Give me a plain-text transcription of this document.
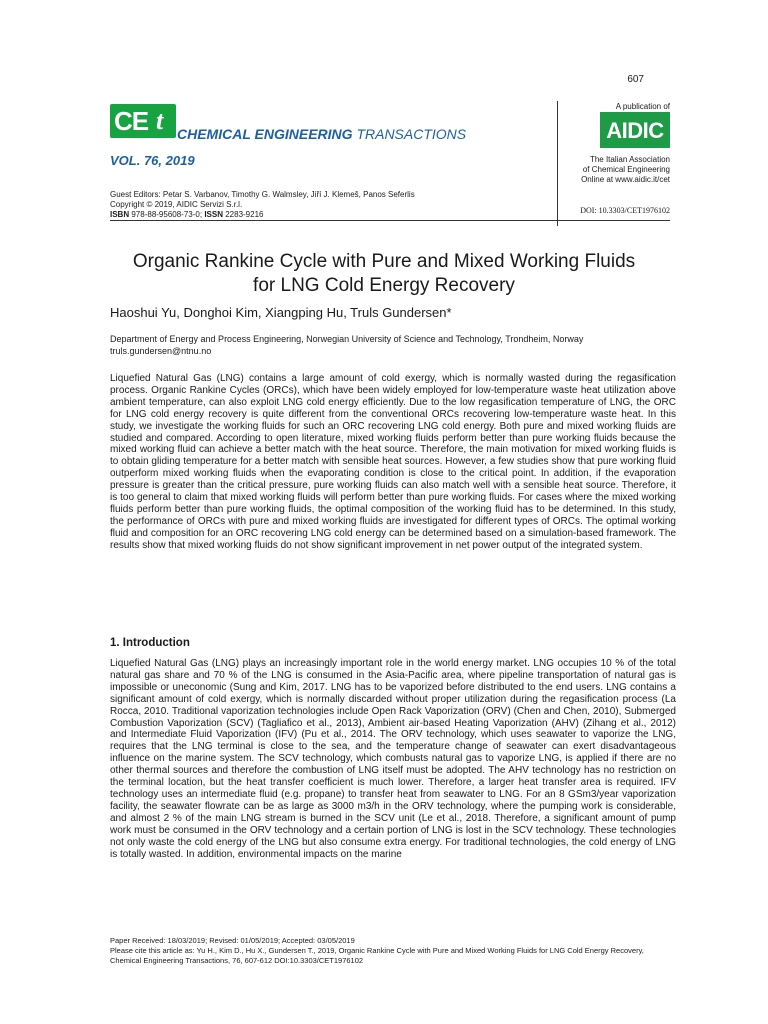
607
CE t CHEMICAL ENGINEERING TRANSACTIONS
VOL. 76, 2019
A publication of
AIDIC
The Italian Association
of Chemical Engineering
Online at www.aidic.it/cet
Guest Editors: Petar S. Varbanov, Timothy G. Walmsley, Jiří J. Klemeš, Panos Seferlis
Copyright © 2019, AIDIC Servizi S.r.l.
ISBN 978-88-95608-73-0; ISSN 2283-9216	DOI: 10.3303/CET1976102
Organic Rankine Cycle with Pure and Mixed Working Fluids
for LNG Cold Energy Recovery
Haoshui Yu, Donghoi Kim, Xiangping Hu, Truls Gundersen*
Department of Energy and Process Engineering, Norwegian University of Science and Technology, Trondheim, Norway
truls.gundersen@ntnu.no
Liquefied Natural Gas (LNG) contains a large amount of cold exergy, which is normally wasted during the regasification process. Organic Rankine Cycles (ORCs), which have been widely employed for low-temperature waste heat utilization above ambient temperature, can also exploit LNG cold energy efficiently. Due to the low regasification temperature of LNG, the ORC for LNG cold energy recovery is quite different from the conventional ORCs recovering low-temperature waste heat. In this study, we investigate the working fluids for such an ORC recovering LNG cold energy. Both pure and mixed working fluids are studied and compared. According to open literature, mixed working fluids perform better than pure working fluids because the mixed working fluid can achieve a better match with the heat source. Therefore, the main motivation for mixed working fluids is to obtain gliding temperature for a better match with sensible heat sources. However, a few studies show that pure working fluid outperform mixed working fluids when the evaporating condition is close to the critical point. In addition, if the evaporation pressure is greater than the critical pressure, pure working fluids can also match well with a sensible heat source. Therefore, it is too general to claim that mixed working fluids will perform better than pure working fluids. For cases where the mixed working fluids perform better than pure working fluids, the optimal composition of the working fluid has to be determined. In this study, the performance of ORCs with pure and mixed working fluids are investigated for different types of ORCs. The optimal working fluid and composition for an ORC recovering LNG cold energy can be determined based on a simulation-based framework. The results show that mixed working fluids do not show significant improvement in net power output of the integrated system.
1. Introduction
Liquefied Natural Gas (LNG) plays an increasingly important role in the world energy market. LNG occupies 10 % of the total natural gas share and 70 % of the LNG is consumed in the Asia-Pacific area, where pipeline transportation of natural gas is impossible or uneconomic (Sung and Kim, 2017. LNG has to be vaporized before distributed to the end users. LNG contains a significant amount of cold exergy, which is normally discarded without proper utilization during the regasification process (La Rocca, 2010. Traditional vaporization technologies include Open Rack Vaporization (ORV) (Chen and Chen, 2010), Submerged Combustion Vaporization (SCV) (Tagliafico et al., 2013), Ambient air-based Heating Vaporization (AHV) (Zihang et al., 2012) and Intermediate Fluid Vaporization (IFV) (Pu et al., 2014. The ORV technology, which uses seawater to vaporize the LNG, requires that the LNG terminal is close to the sea, and the temperature change of seawater can exert disadvantageous influence on the marine system. The SCV technology, which combusts natural gas to vaporize LNG, is applied if there are no other thermal sources and therefore the combustion of LNG itself must be adopted. The AHV technology has no restriction on the terminal location, but the heat transfer coefficient is much lower. Therefore, a larger heat transfer area is required. IFV technology uses an intermediate fluid (e.g. propane) to transfer heat from seawater to LNG. For an 8 GSm3/year vaporization facility, the seawater flowrate can be as large as 3000 m3/h in the ORV technology, where the pumping work is considerable, and almost 2 % of the main LNG stream is burned in the SCV unit (Le et al., 2018. Therefore, a significant amount of pump work must be consumed in the ORV technology and a certain portion of LNG is lost in the SCV technology. These technologies not only waste the cold energy of the LNG but also consume extra energy. For traditional technologies, the cold energy of LNG is totally wasted. In addition, environmental impacts on the marine
Paper Received: 18/03/2019; Revised: 01/05/2019; Accepted: 03/05/2019
Please cite this article as: Yu H., Kim D., Hu X., Gundersen T., 2019, Organic Rankine Cycle with Pure and Mixed Working Fluids for LNG Cold Energy Recovery, Chemical Engineering Transactions, 76, 607-612 DOI:10.3303/CET1976102
